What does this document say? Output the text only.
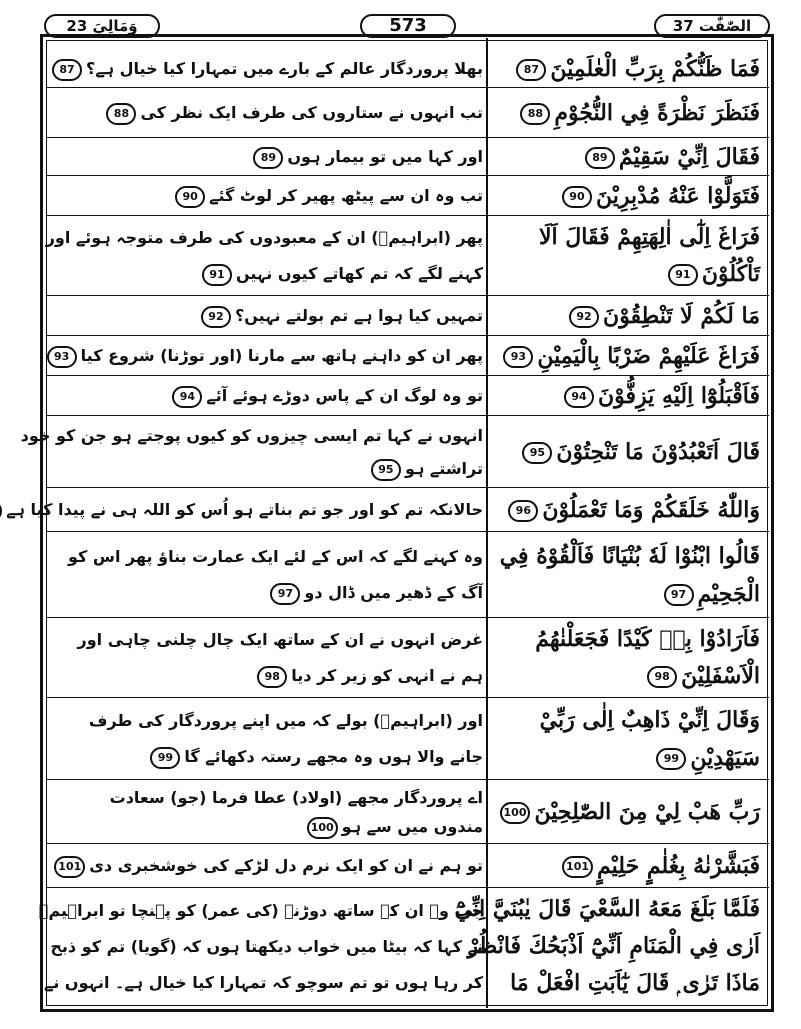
وَمَالِيَ 23	573	الصّٰفّٰت 37
فَمَا ظَنُّكُمْ بِرَبِّ الْعٰلَمِيْنَ87
بھلا پروردگار عالم کے بارے میں تمہارا کیا خیال ہے؟87
فَنَظَرَ نَظْرَةً فِي النُّجُوْمِ88
تب انہوں نے ستاروں کی طرف ایک نظر کی88
فَقَالَ اِنِّيْ سَقِيْمٌ89
اور کہا میں تو بیمار ہوں89
فَتَوَلَّوْا عَنْهُ مُدْبِرِيْنَ90
تب وہ ان سے پیٹھ پھیر کر لوٹ گئے90
فَرَاغَ اِلٰٓى اٰلِهَتِهِمْ فَقَالَ اَلَا
تَاْكُلُوْنَ91
پھر (ابراہیمؑ) ان کے معبودوں کی طرف متوجہ ہوئے اور
کہنے لگے کہ تم کھاتے کیوں نہیں91
مَا لَكُمْ لَا تَنْطِقُوْنَ92
تمہیں کیا ہوا ہے تم بولتے نہیں؟92
فَرَاغَ عَلَيْهِمْ ضَرْبًا بِالْيَمِيْنِ93
پھر ان کو داہنے ہاتھ سے مارنا (اور توڑنا) شروع کیا93
فَاَقْبَلُوْٓا اِلَيْهِ يَزِفُّوْنَ94
تو وہ لوگ ان کے پاس دوڑے ہوئے آئے94
قَالَ اَتَعْبُدُوْنَ مَا تَنْحِتُوْنَ95
انہوں نے کہا تم ایسی چیزوں کو کیوں پوجتے ہو جن کو خود
تراشتے ہو95
وَاللّٰهُ خَلَقَكُمْ وَمَا تَعْمَلُوْنَ96
حالانکہ تم کو اور جو تم بناتے ہو اُس کو اللہ ہی نے پیدا کیا ہے
قَالُوا ابْنُوْا لَهٗ بُنْيَانًا فَاَلْقُوْهُ فِي
الْجَحِيْمِ97
وہ کہنے لگے کہ اس کے لئے ایک عمارت بناؤ پھر اس کو
آگ کے ڈھیر میں ڈال دو97
فَاَرَادُوْا بِهٖ كَيْدًا فَجَعَلْنٰهُمُ
الْاَسْفَلِيْنَ98
غرض انہوں نے ان کے ساتھ ایک چال چلنی چاہی اور
ہم نے انہی کو زیر کر دیا98
وَقَالَ اِنِّيْ ذَاهِبٌ اِلٰى رَبِّيْ
سَيَهْدِيْنِ99
اور (ابراہیمؑ) بولے کہ میں اپنے پروردگار کی طرف
جانے والا ہوں وہ مجھے رستہ دکھائے گا99
رَبِّ هَبْ لِيْ مِنَ الصّٰلِحِيْنَ100
اے پروردگار مجھے (اولاد) عطا فرما (جو) سعادت
مندوں میں سے ہو100
فَبَشَّرْنٰهُ بِغُلٰمٍ حَلِيْمٍ101
تو ہم نے ان کو ایک نرم دل لڑکے کی خوشخبری دی101
فَلَمَّا بَلَغَ مَعَهُ السَّعْيَ قَالَ يٰبُنَيَّ اِنِّيْٓ
اَرٰى فِي الْمَنَامِ اَنِّيْٓ اَذْبَحُكَ فَانْظُرْ
مَاذَا تَرٰى ۭ قَالَ يٰٓاَبَتِ افْعَلْ مَا
جب وہ ان کے ساتھ دوڑنے (کی عمر) کو پہنچا تو ابراہیمؑ
نے کہا کہ بیٹا میں خواب دیکھتا ہوں کہ (گویا) تم کو ذبح
کر رہا ہوں تو تم سوچو کہ تمہارا کیا خیال ہے۔ انہوں نے
